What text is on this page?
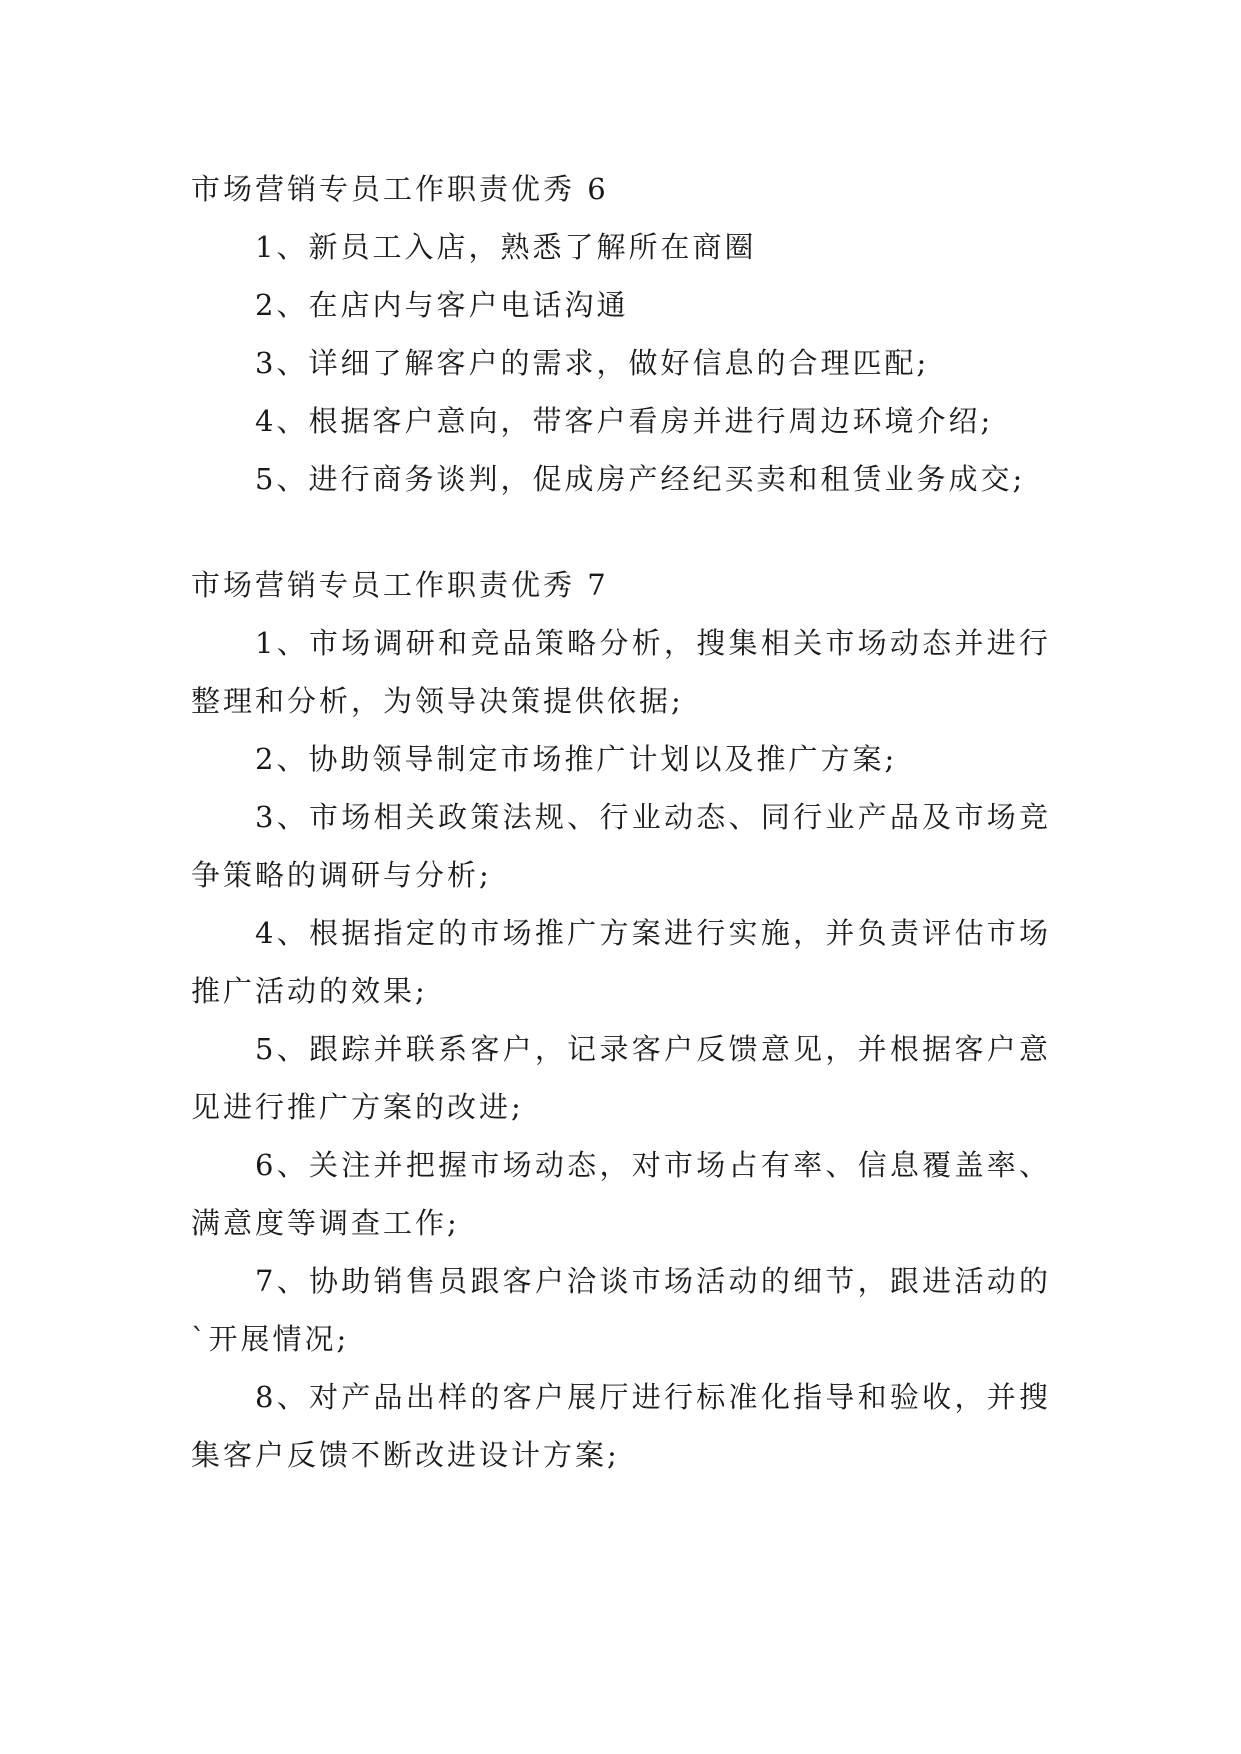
市场营销专员工作职责优秀 6

1、新员工入店，熟悉了解所在商圈

2、在店内与客户电话沟通

3、详细了解客户的需求，做好信息的合理匹配;

4、根据客户意向，带客户看房并进行周边环境介绍;

5、进行商务谈判，促成房产经纪买卖和租赁业务成交;

市场营销专员工作职责优秀 7

1、市场调研和竞品策略分析，搜集相关市场动态并进行整理和分析，为领导决策提供依据;

2、协助领导制定市场推广计划以及推广方案;

3、市场相关政策法规、行业动态、同行业产品及市场竞争策略的调研与分析;

4、根据指定的市场推广方案进行实施，并负责评估市场推广活动的效果;

5、跟踪并联系客户，记录客户反馈意见，并根据客户意见进行推广方案的改进;

6、关注并把握市场动态，对市场占有率、信息覆盖率、满意度等调查工作;

7、协助销售员跟客户洽谈市场活动的细节，跟进活动的`开展情况;

8、对产品出样的客户展厅进行标准化指导和验收，并搜集客户反馈不断改进设计方案;
